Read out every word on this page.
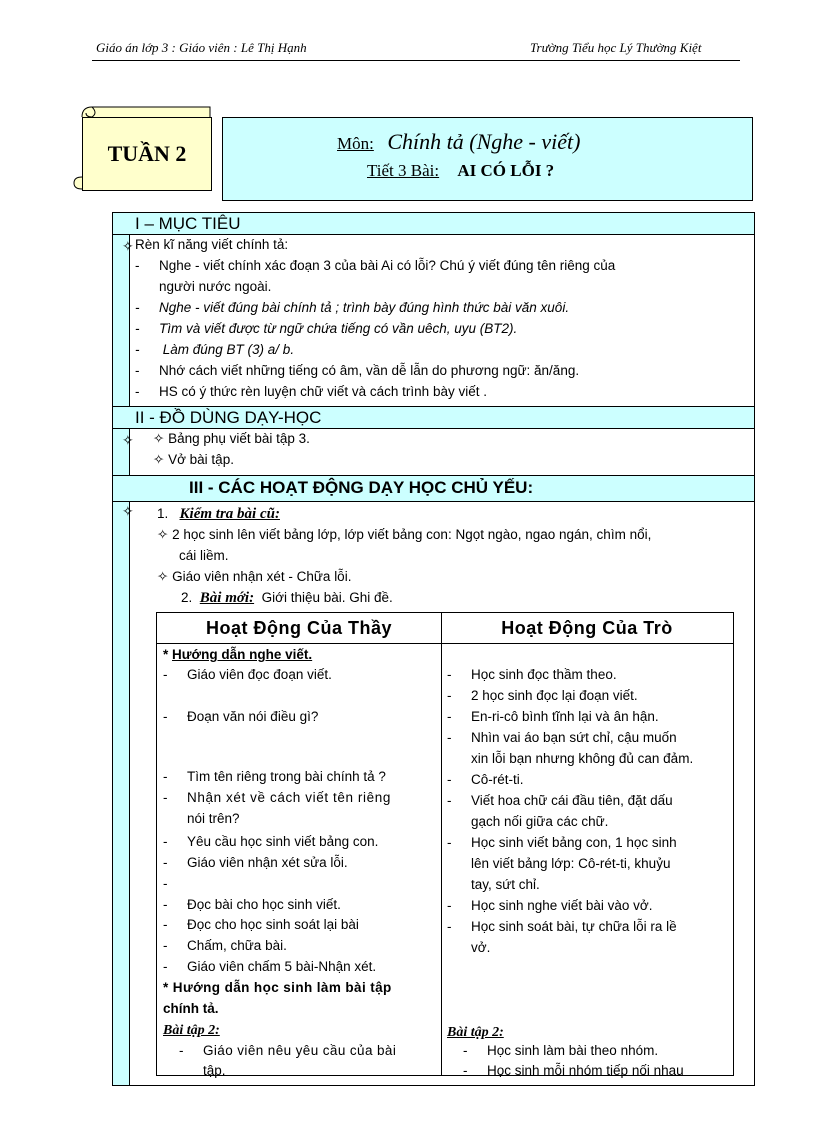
Giáo án lớp 3 : Giáo viên : Lê Thị Hạnh	Trường Tiểu học Lý Thường Kiệt
TUẦN 2	Môn: Chính tả (Nghe - viết)
Tiết 3 Bài: AI CÓ LỖI ?
I – MỤC TIÊU
✧ Rèn kĩ năng viết chính tả:
- Nghe - viết chính xác đoạn 3 của bài Ai có lỗi? Chú ý viết đúng tên riêng của
người nước ngoài.
- Nghe - viết đúng bài chính tả ; trình bày đúng hình thức bài văn xuôi.
- Tìm và viết được từ ngữ chứa tiếng có vần uêch, uyu (BT2).
- Làm đúng BT (3) a/ b.
- Nhớ cách viết những tiếng có âm, vần dễ lẫn do phương ngữ: ăn/ăng.
- HS có ý thức rèn luyện chữ viết và cách trình bày viết .
II - ĐỒ DÙNG DẠY-HỌC
✧ ✧ Bảng phụ viết bài tập 3.
✧ Vở bài tập.
III - CÁC HOẠT ĐỘNG DẠY HỌC CHỦ YẾU:
✧ 1. Kiểm tra bài cũ:
✧ 2 học sinh lên viết bảng lớp, lớp viết bảng con: Ngọt ngào, ngao ngán, chìm nổi,
cái liềm.
✧ Giáo viên nhận xét - Chữa lỗi.
2. Bài mới: Giới thiệu bài. Ghi đề.
Hoạt Động Của Thầy
* Hướng dẫn nghe viết.
- Giáo viên đọc đoạn viết.
- Đoạn văn nói điều gì?
- Tìm tên riêng trong bài chính tả ?
- Nhận xét về cách viết tên riêng
nói trên?
- Yêu cầu học sinh viết bảng con.
- Giáo viên nhận xét sửa lỗi.
-
- Đọc bài cho học sinh viết.
- Đọc cho học sinh soát lại bài
- Chấm, chữa bài.
- Giáo viên chấm 5 bài-Nhận xét.
* Hướng dẫn học sinh làm bài tập
chính tả.
Bài tập 2:
- Giáo viên nêu yêu cầu của bài
tập.
Hoạt Động Của Trò
- Học sinh đọc thầm theo.
- 2 học sinh đọc lại đoạn viết.
- En-ri-cô bình tĩnh lại và ân hận.
- Nhìn vai áo bạn sứt chỉ, cậu muốn
xin lỗi bạn nhưng không đủ can đảm.
- Cô-rét-ti.
- Viết hoa chữ cái đầu tiên, đặt dấu
gạch nối giữa các chữ.
- Học sinh viết bảng con, 1 học sinh
lên viết bảng lớp: Cô-rét-ti, khuỷu
tay, sứt chỉ.
- Học sinh nghe viết bài vào vở.
- Học sinh soát bài, tự chữa lỗi ra lề
vở.
Bài tập 2:
- Học sinh làm bài theo nhóm.
- Học sinh mỗi nhóm tiếp nối nhau
